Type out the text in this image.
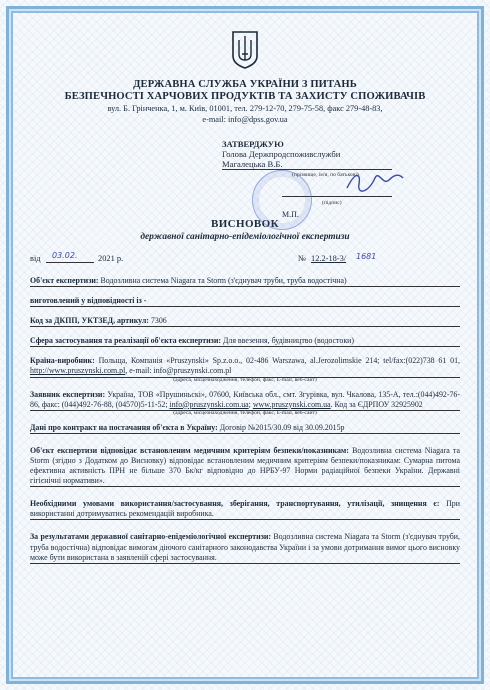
ДЕРЖАВНА СЛУЖБА УКРАЇНИ З ПИТАНЬ
БЕЗПЕЧНОСТІ ХАРЧОВИХ ПРОДУКТІВ ТА ЗАХИСТУ СПОЖИВАЧІВ
вул. Б. Грінченка, 1, м. Київ, 01001, тел. 279-12-70, 279-75-58, факс 279-48-83,
e-mail: info@dpss.gov.ua
ЗАТВЕРДЖУЮ
Голова Держпродспоживслужби
Магалецька В.Б.
(прізвище, ім'я, по батькові)
(підпис)
М.П.
ВИСНОВОК
державної санітарно-епідеміологічної експертизи
від 03.02. 2021 р.	№ 12.2-18-3/ 1681
Об'єкт експертизи: Водозливна система Niagara та Storm (з'єднувач труби, труба водостічна)
виготовлений у відповідності із -
Код за ДКПП, УКТЗЕД, артикул: 7306
Сфера застосування та реалізації об'єкта експертизи: Для ввезення, будівництво (водостоки)
Країна-виробник: Польща, Компанія «Pruszynski» Sp.z.o.o., 02-486 Warszawa, al.Jerozolimskie 214; tel/fax:(022)738 61 01, http://www.pruszynski.com.pl, e-mail: info@pruszynski.com.pl
(адреса, місцезнаходження, телефон, факс, E-mail, веб-сайт)
Заявник експертизи: Україна, ТОВ «Прушиньскі», 07600, Київська обл., смт. Згурівка, вул. Чкалова, 135-А, тел.:(044)492-76-86, факс: (044)492-76-88, (04570)5-11-52; info@pruszynski.com.ua; www.pruszynski.com.ua. Код за ЄДРПОУ 32925902
(адреса, місцезнаходження, телефон, факс, E-mail, веб-сайт)
Дані про контракт на постачання об'єкта в Україну: Договір №2015/30.09 від 30.09.2015р
Об'єкт експертизи відповідає встановленим медичним критеріям безпеки/показникам: Водозливна система Niagara та Storm (згідно з Додатком до Висновку) відповідає встановленим медичним критеріям безпеки/показникам: Сумарна питома ефективна активність ПРН не більше 370 Бк/кг відповідно до НРБУ-97 Норми радіаційної безпеки України. Державні гігієнічні нормативи».
Необхідними умовами використання/застосування, зберігання, транспортування, утилізації, знищення є: При використанні дотримуватись рекомендацій виробника.
За результатами державної санітарно-епідеміологічної експертизи: Водозливна система Niagara та Storm (з'єднувач труби, труба водостічна) відповідає вимогам діючого санітарного законодавства України і за умови дотримання вимог цього висновку може бути використана в заявленій сфері застосування.
